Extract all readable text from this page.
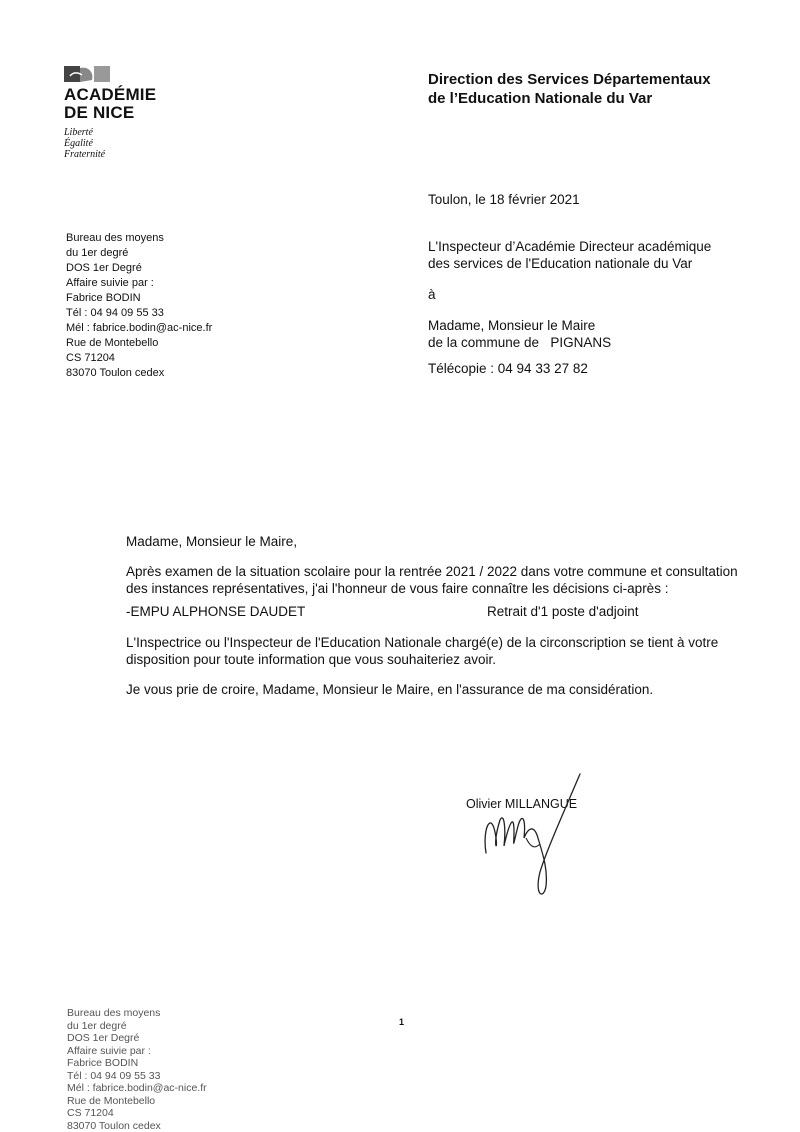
ACADÉMIE
DE NICE
Liberté
Égalité
Fraternité
Direction des Services Départementaux
de l’Education Nationale du Var
Toulon, le 18 février 2021
Bureau des moyens
du 1er degré
DOS 1er Degré
Affaire suivie par :
Fabrice BODIN
Tél : 04 94 09 55 33
Mél : fabrice.bodin@ac-nice.fr
Rue de Montebello
CS 71204
83070 Toulon cedex
L'Inspecteur d’Académie Directeur académique
des services de l'Education nationale du Var
à
Madame, Monsieur le Maire
de la commune de   PIGNANS
Télécopie : 04 94 33 27 82

Madame, Monsieur le Maire,

Après examen de la situation scolaire pour la rentrée 2021 / 2022 dans votre commune et consultation des instances représentatives, j'ai l'honneur de vous faire connaître les décisions ci-après :

-EMPU ALPHONSE DAUDET	Retrait d'1 poste d'adjoint

L'Inspectrice ou l'Inspecteur de l'Education Nationale chargé(e) de la circonscription se tient à votre disposition pour toute information que vous souhaiteriez avoir.

Je vous prie de croire, Madame, Monsieur le Maire, en l'assurance de ma considération.

Olivier MILLANGUE
Bureau des moyens
du 1er degré
DOS 1er Degré
Affaire suivie par :
Fabrice BODIN
Tél : 04 94 09 55 33
Mél : fabrice.bodin@ac-nice.fr
Rue de Montebello
CS 71204
83070 Toulon cedex
1
